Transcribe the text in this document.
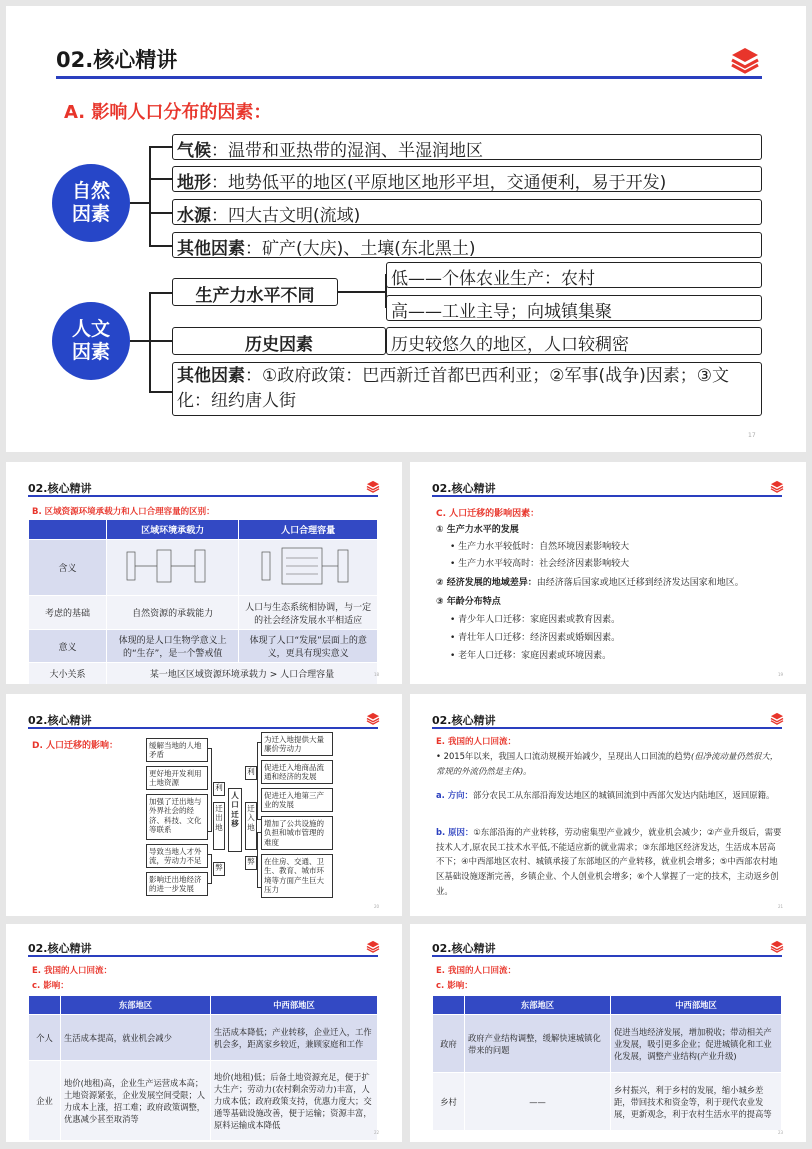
02.核心精讲
A. 影响人口分布的因素：
自然
因素
人文
因素
气候：温带和亚热带的湿润、半湿润地区
地形：地势低平的地区(平原地区地形平坦，交通便利，易于开发)
水源：四大古文明(流域)
其他因素：矿产(大庆)、土壤(东北黑土)
生产力水平不同
低——个体农业生产：农村
高——工业主导；向城镇集聚
历史因素	历史较悠久的地区，人口较稠密
其他因素：①政府政策：巴西新迁首都巴西利亚；②军事(战争)因素；③文化：纽约唐人街
17
02.核心精讲
B. 区域资源环境承载力和人口合理容量的区别：
	区域环境承载力	人口合理容量
含义		
考虑的基础	自然资源的承载能力	人口与生态系统相协调，与一定的社会经济发展水平相适应
意义	体现的是人口生物学意义上的“生存”，是一个警戒值	体现了人口“发展”层面上的意义，更具有现实意义
大小关系	某一地区区域资源环境承载力 > 人口合理容量		18
02.核心精讲
C. 人口迁移的影响因素：
① 生产力水平的发展
• 生产力水平较低时：自然环境因素影响较大
• 生产力水平较高时：社会经济因素影响较大
② 经济发展的地域差异：由经济落后国家或地区迁移到经济发达国家和地区。
③ 年龄分布特点
• 青少年人口迁移：家庭因素或教育因素。
• 青壮年人口迁移：经济因素或婚姻因素。
• 老年人口迁移：家庭因素或环境因素。
19
02.核心精讲
D. 人口迁移的影响：	缓解当地的人地矛盾
更好地开发利用土地资源
加强了迁出地与外界社会的经济、科技、文化等联系
导致当地人才外流，劳动力不足
影响迁出地经济的进一步发展
利
弊
迁出地
人口迁移
迁入地
利
弊
为迁入地提供大量廉价劳动力
促进迁入地商品流通和经济的发展
促进迁入地第三产业的发展
增加了公共设施的负担和城市管理的难度
在住房、交通、卫生、教育、城市环境等方面产生巨大压力
20
02.核心精讲
E. 我国的人口回流：
• 2015年以来，我国人口流动规模开始减少，呈现出人口回流的趋势(但净流动量仍然很大，常规的外流仍然是主体)。
a. 方向：部分农民工从东部沿海发达地区的城镇回流到中西部欠发达内陆地区，返回原籍。
b. 原因：①东部沿海的产业转移，劳动密集型产业减少，就业机会减少；②产业升级后，需要技术人才,原农民工技术水平低,不能适应新的就业需求；③东部地区经济发达，生活成本居高不下；④中西部地区农村、城镇承接了东部地区的产业转移，就业机会增多；⑤中西部农村地区基础设施逐渐完善，乡镇企业、个人创业机会增多；⑥个人掌握了一定的技术，主动返乡创业。
21
02.核心精讲
E. 我国的人口回流：
c. 影响：
	东部地区	中西部地区
个人	生活成本提高，就业机会减少	生活成本降低；产业转移，企业迁入，工作机会多，距离家乡较近，兼顾家庭和工作
企业	地价(地租)高，企业生产运营成本高；土地资源紧张，企业发展空间受限；人力成本上涨，招工难；政府政策调整，优惠减少甚至取消等	地价(地租)低；后备土地资源充足，便于扩大生产；劳动力(农村剩余劳动力)丰富，人力成本低；政府政策支持，优惠力度大；交通等基础设施改善，便于运输；资源丰富，原料运输成本降低
22
02.核心精讲
E. 我国的人口回流：
c. 影响：
	东部地区	中西部地区
政府	政府产业结构调整，缓解快速城镇化带来的问题	促进当地经济发展，增加税收；带动相关产业发展，吸引更多企业；促进城镇化和工业化发展，调整产业结构(产业升级)
乡村	——	乡村振兴，利于乡村的发展，缩小城乡差距，带回技术和资金等，利于现代农业发展，更新观念，利于农村生活水平的提高等
23
